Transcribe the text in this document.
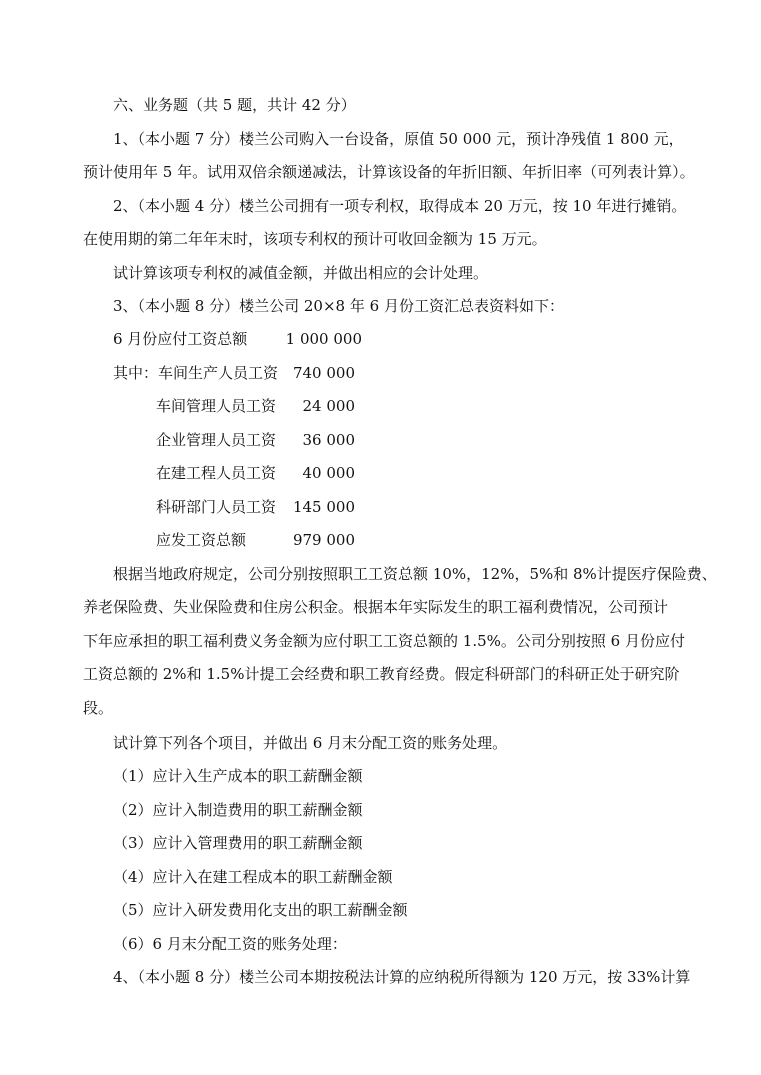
六、业务题（共 5 题，共计 42 分）
1、（本小题 7 分）楼兰公司购入一台设备，原值 50 000 元，预计净残值 1 800 元，
预计使用年 5 年。试用双倍余额递减法，计算该设备的年折旧额、年折旧率（可列表计算）。
2、（本小题 4 分）楼兰公司拥有一项专利权，取得成本 20 万元，按 10 年进行摊销。
在使用期的第二年年末时，该项专利权的预计可收回金额为 15 万元。
试计算该项专利权的减值金额，并做出相应的会计处理。
3、（本小题 8 分）楼兰公司 20×8 年 6 月份工资汇总表资料如下：
6 月份应付工资总额	1 000 000
其中：车间生产人员工资 740 000
车间管理人员工资	24 000
企业管理人员工资	36 000
在建工程人员工资	40 000
科研部门人员工资	145 000
应发工资总额	979 000
根据当地政府规定，公司分别按照职工工资总额 10%，12%，5%和 8%计提医疗保险费、
养老保险费、失业保险费和住房公积金。根据本年实际发生的职工福利费情况，公司预计
下年应承担的职工福利费义务金额为应付职工工资总额的 1.5%。公司分别按照 6 月份应付
工资总额的 2%和 1.5%计提工会经费和职工教育经费。假定科研部门的科研正处于研究阶
段。
试计算下列各个项目，并做出 6 月末分配工资的账务处理。
（1）应计入生产成本的职工薪酬金额
（2）应计入制造费用的职工薪酬金额
（3）应计入管理费用的职工薪酬金额
（4）应计入在建工程成本的职工薪酬金额
（5）应计入研发费用化支出的职工薪酬金额
（6）6 月末分配工资的账务处理：
4、（本小题 8 分）楼兰公司本期按税法计算的应纳税所得额为 120 万元，按 33%计算
